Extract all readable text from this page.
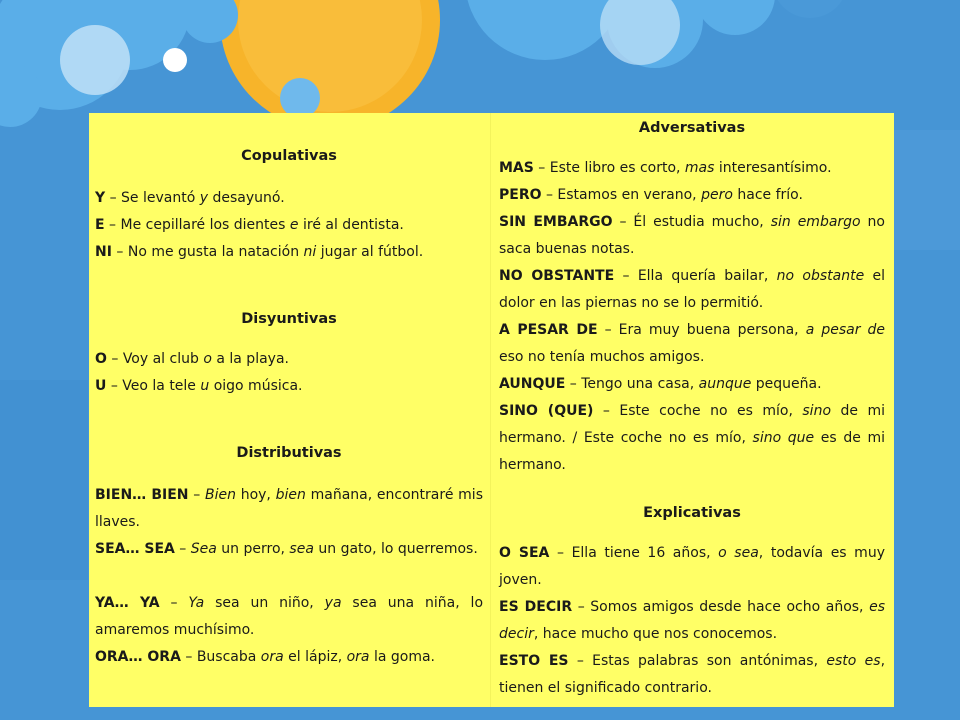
Copulativas
Y – Se levantó y desayunó.
E – Me cepillaré los dientes e iré al dentista.
NI – No me gusta la natación ni jugar al fútbol.
Disyuntivas
O – Voy al club o a la playa.
U – Veo la tele u oigo música.
Distributivas
BIEN… BIEN – Bien hoy, bien mañana, encontraré mis llaves.
SEA… SEA – Sea un perro, sea un gato, lo querremos.
YA… YA – Ya sea un niño, ya sea una niña, lo amaremos muchísimo.
ORA… ORA – Buscaba ora el lápiz, ora la goma.
Adversativas
MAS – Este libro es corto, mas interesantísimo.
PERO – Estamos en verano, pero hace frío.
SIN EMBARGO – Él estudia mucho, sin embargo no saca buenas notas.
NO OBSTANTE – Ella quería bailar, no obstante el dolor en las piernas no se lo permitió.
A PESAR DE – Era muy buena persona, a pesar de eso no tenía muchos amigos.
AUNQUE – Tengo una casa, aunque pequeña.
SINO (QUE) – Este coche no es mío, sino de mi hermano. / Este coche no es mío, sino que es de mi hermano.
Explicativas
O SEA – Ella tiene 16 años, o sea, todavía es muy joven.
ES DECIR – Somos amigos desde hace ocho años, es decir, hace mucho que nos conocemos.
ESTO ES – Estas palabras son antónimas, esto es, tienen el significado contrario.
